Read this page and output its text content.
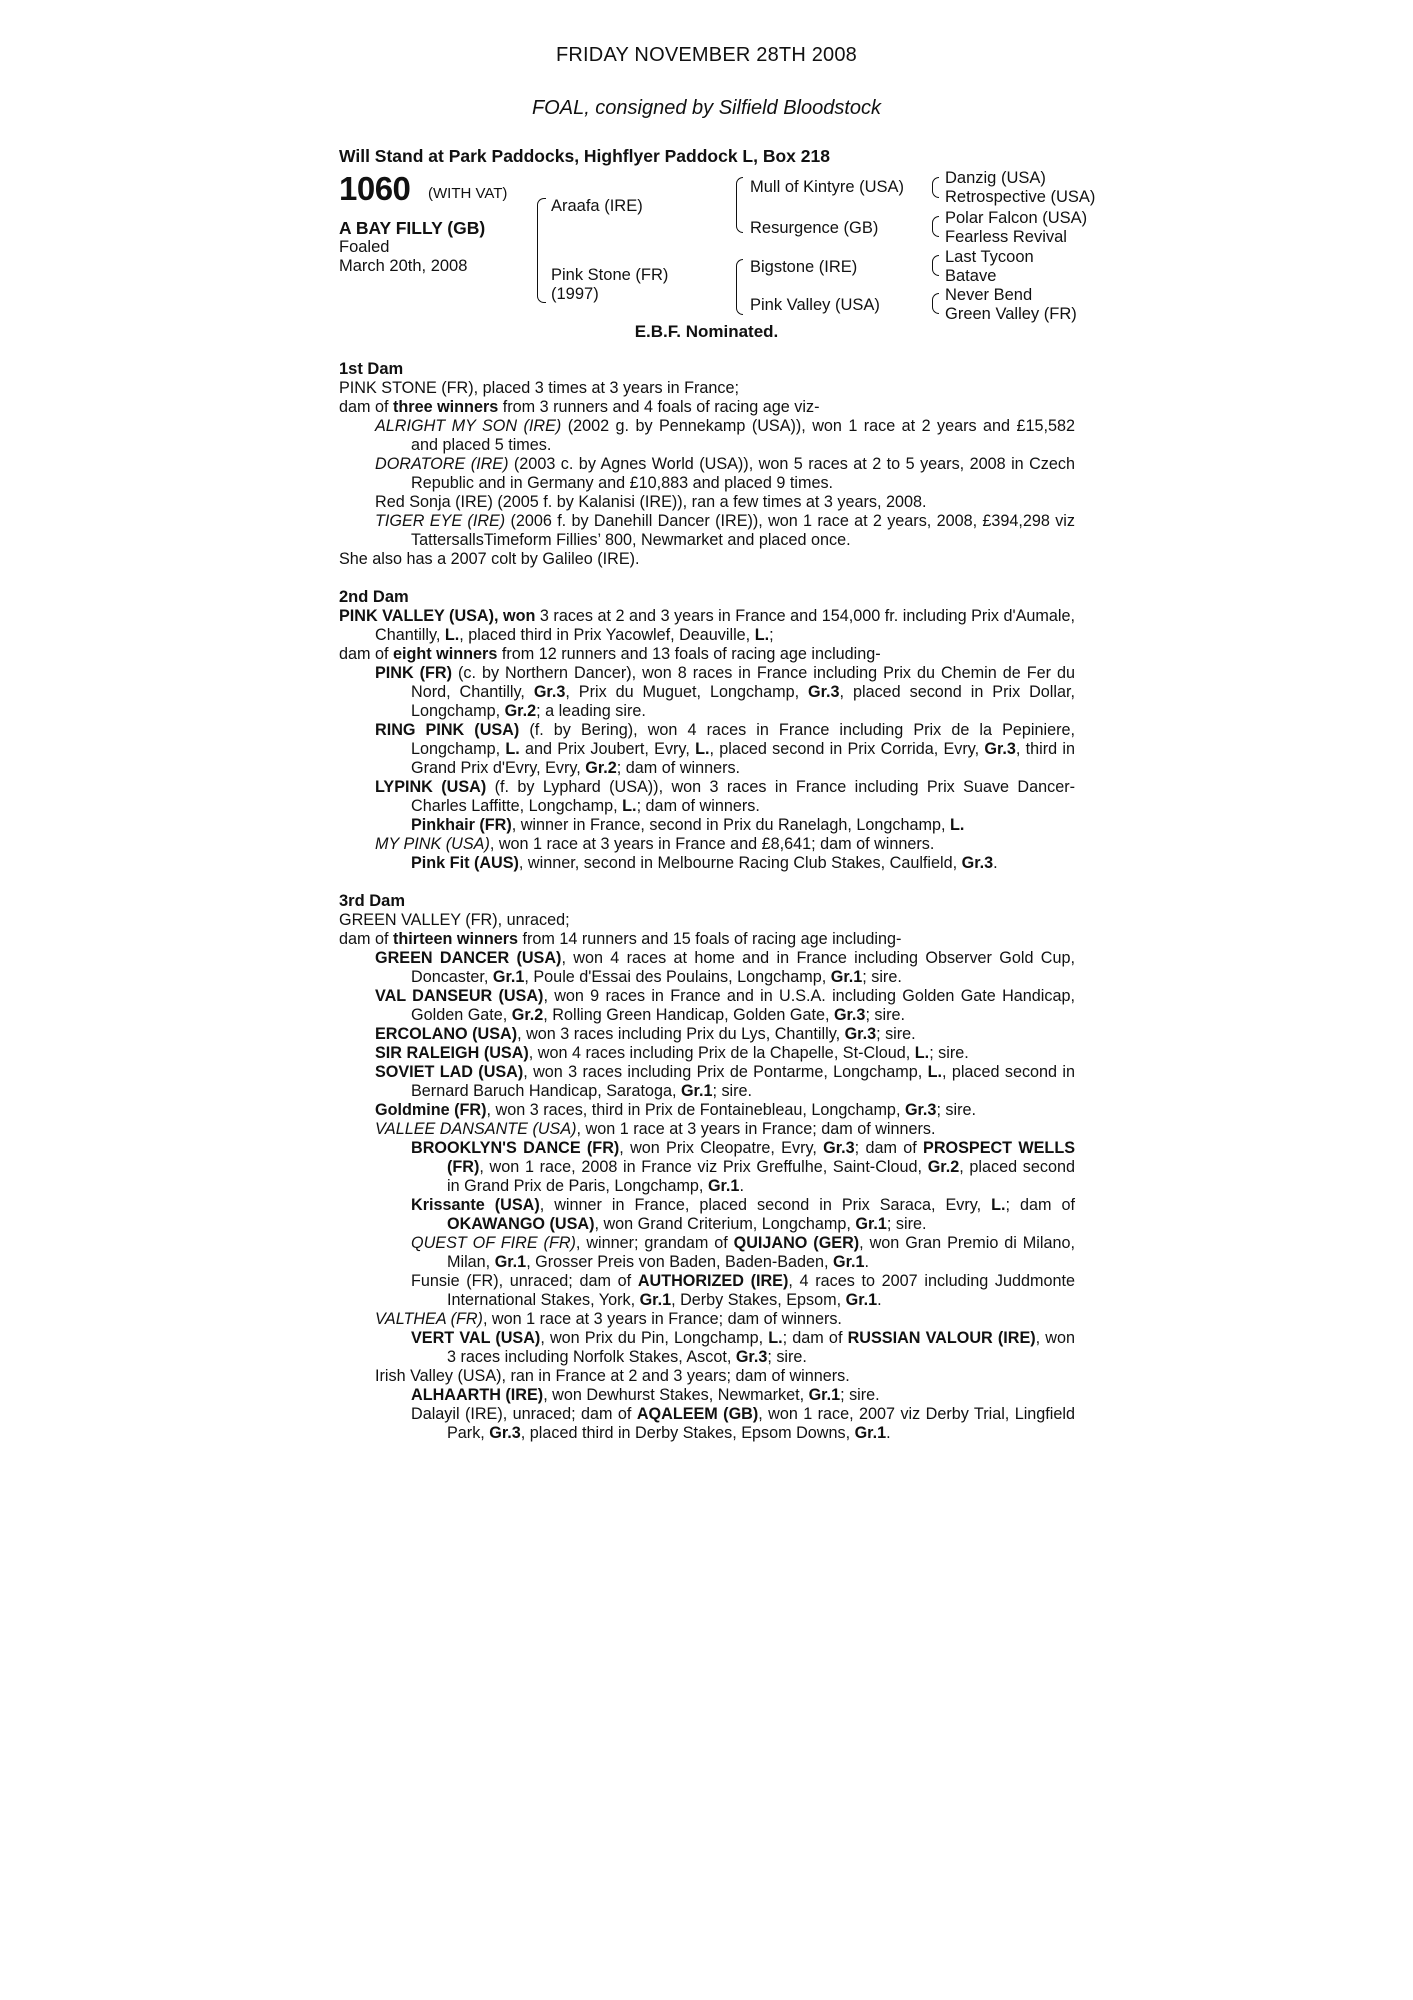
FRIDAY NOVEMBER 28TH 2008
FOAL, consigned by Silfield Bloodstock
Will Stand at Park Paddocks, Highflyer Paddock L, Box 218
1060 (WITH VAT)
A BAY FILLY (GB)
Foaled
March 20th, 2008
Araafa (IRE)
Pink Stone (FR)
(1997)
Mull of Kintyre (USA)
Resurgence (GB)
Bigstone (IRE)
Pink Valley (USA)
Danzig (USA)
Retrospective (USA)
Polar Falcon (USA)
Fearless Revival
Last Tycoon
Batave
Never Bend
Green Valley (FR)
E.B.F. Nominated.
1st Dam
PINK STONE (FR), placed 3 times at 3 years in France;
dam of three winners from 3 runners and 4 foals of racing age viz-
ALRIGHT MY SON (IRE) (2002 g. by Pennekamp (USA)), won 1 race at 2 years and £15,582 and placed 5 times.
DORATORE (IRE) (2003 c. by Agnes World (USA)), won 5 races at 2 to 5 years, 2008 in Czech Republic and in Germany and £10,883 and placed 9 times.
Red Sonja (IRE) (2005 f. by Kalanisi (IRE)), ran a few times at 3 years, 2008.
TIGER EYE (IRE) (2006 f. by Danehill Dancer (IRE)), won 1 race at 2 years, 2008, £394,298 viz TattersallsTimeform Fillies’ 800, Newmarket and placed once.
She also has a 2007 colt by Galileo (IRE).
2nd Dam
PINK VALLEY (USA), won 3 races at 2 and 3 years in France and 154,000 fr. including Prix d'Aumale, Chantilly, L., placed third in Prix Yacowlef, Deauville, L.;
dam of eight winners from 12 runners and 13 foals of racing age including-
PINK (FR) (c. by Northern Dancer), won 8 races in France including Prix du Chemin de Fer du Nord, Chantilly, Gr.3, Prix du Muguet, Longchamp, Gr.3, placed second in Prix Dollar, Longchamp, Gr.2; a leading sire.
RING PINK (USA) (f. by Bering), won 4 races in France including Prix de la Pepiniere, Longchamp, L. and Prix Joubert, Evry, L., placed second in Prix Corrida, Evry, Gr.3, third in Grand Prix d'Evry, Evry, Gr.2; dam of winners.
LYPINK (USA) (f. by Lyphard (USA)), won 3 races in France including Prix Suave Dancer-Charles Laffitte, Longchamp, L.; dam of winners.
Pinkhair (FR), winner in France, second in Prix du Ranelagh, Longchamp, L.
MY PINK (USA), won 1 race at 3 years in France and £8,641; dam of winners.
Pink Fit (AUS), winner, second in Melbourne Racing Club Stakes, Caulfield, Gr.3.
3rd Dam
GREEN VALLEY (FR), unraced;
dam of thirteen winners from 14 runners and 15 foals of racing age including-
GREEN DANCER (USA), won 4 races at home and in France including Observer Gold Cup, Doncaster, Gr.1, Poule d'Essai des Poulains, Longchamp, Gr.1; sire.
VAL DANSEUR (USA), won 9 races in France and in U.S.A. including Golden Gate Handicap, Golden Gate, Gr.2, Rolling Green Handicap, Golden Gate, Gr.3; sire.
ERCOLANO (USA), won 3 races including Prix du Lys, Chantilly, Gr.3; sire.
SIR RALEIGH (USA), won 4 races including Prix de la Chapelle, St-Cloud, L.; sire.
SOVIET LAD (USA), won 3 races including Prix de Pontarme, Longchamp, L., placed second in Bernard Baruch Handicap, Saratoga, Gr.1; sire.
Goldmine (FR), won 3 races, third in Prix de Fontainebleau, Longchamp, Gr.3; sire.
VALLEE DANSANTE (USA), won 1 race at 3 years in France; dam of winners.
BROOKLYN'S DANCE (FR), won Prix Cleopatre, Evry, Gr.3; dam of PROSPECT WELLS (FR), won 1 race, 2008 in France viz Prix Greffulhe, Saint-Cloud, Gr.2, placed second in Grand Prix de Paris, Longchamp, Gr.1.
Krissante (USA), winner in France, placed second in Prix Saraca, Evry, L.; dam of OKAWANGO (USA), won Grand Criterium, Longchamp, Gr.1; sire.
QUEST OF FIRE (FR), winner; grandam of QUIJANO (GER), won Gran Premio di Milano, Milan, Gr.1, Grosser Preis von Baden, Baden-Baden, Gr.1.
Funsie (FR), unraced; dam of AUTHORIZED (IRE), 4 races to 2007 including Juddmonte International Stakes, York, Gr.1, Derby Stakes, Epsom, Gr.1.
VALTHEA (FR), won 1 race at 3 years in France; dam of winners.
VERT VAL (USA), won Prix du Pin, Longchamp, L.; dam of RUSSIAN VALOUR (IRE), won 3 races including Norfolk Stakes, Ascot, Gr.3; sire.
Irish Valley (USA), ran in France at 2 and 3 years; dam of winners.
ALHAARTH (IRE), won Dewhurst Stakes, Newmarket, Gr.1; sire.
Dalayil (IRE), unraced; dam of AQALEEM (GB), won 1 race, 2007 viz Derby Trial, Lingfield Park, Gr.3, placed third in Derby Stakes, Epsom Downs, Gr.1.
